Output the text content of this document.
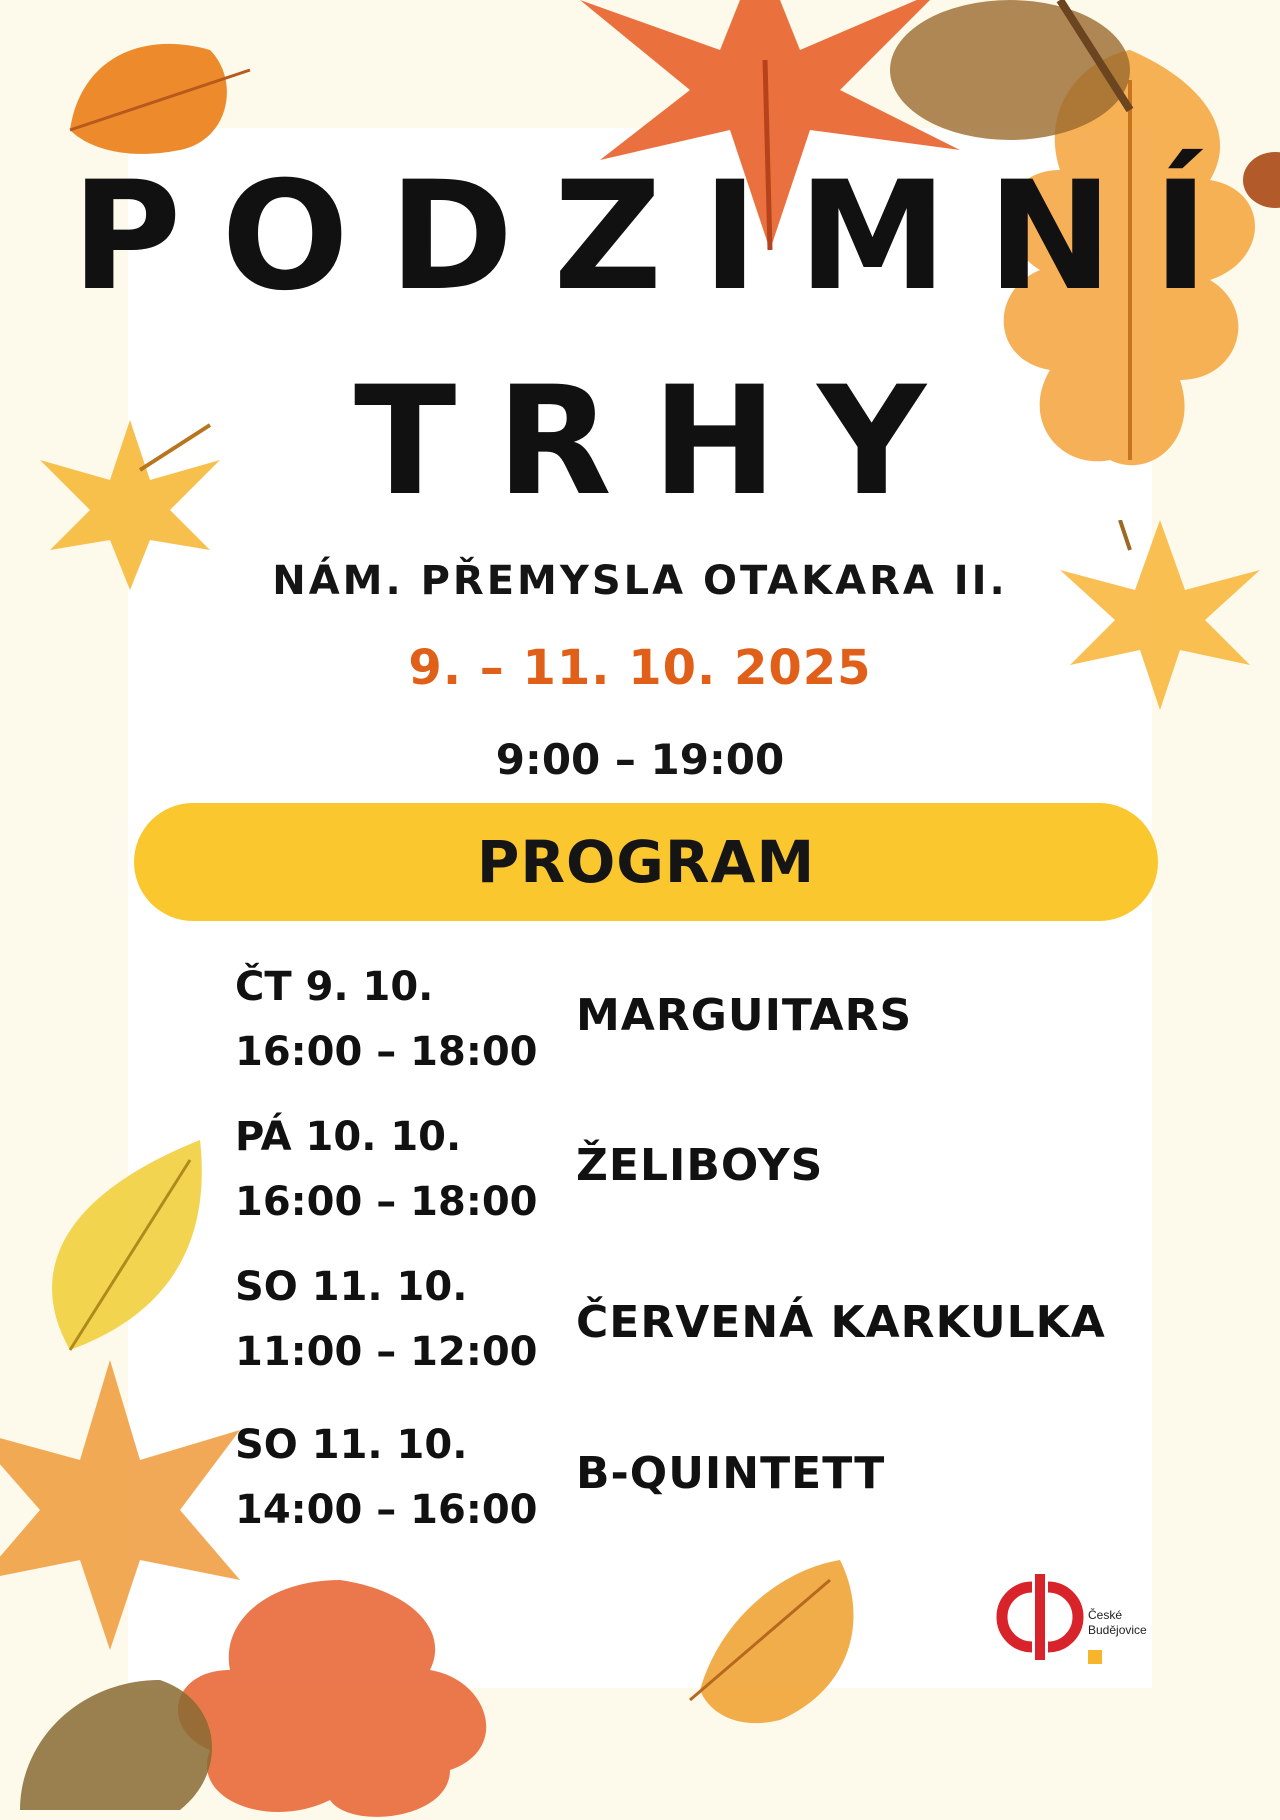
PODZIMNÍ
TRHY
NÁM. PŘEMYSLA OTAKARA II.
9. – 11. 10. 2025
9:00 – 19:00
PROGRAM
ČT 9. 10.
16:00 – 18:00
MARGUITARS
PÁ 10. 10.
16:00 – 18:00
ŽELIBOYS
SO 11. 10.
11:00 – 12:00
ČERVENÁ KARKULKA
SO 11. 10.
14:00 – 16:00
B-QUINTETT
České
Budějovice
